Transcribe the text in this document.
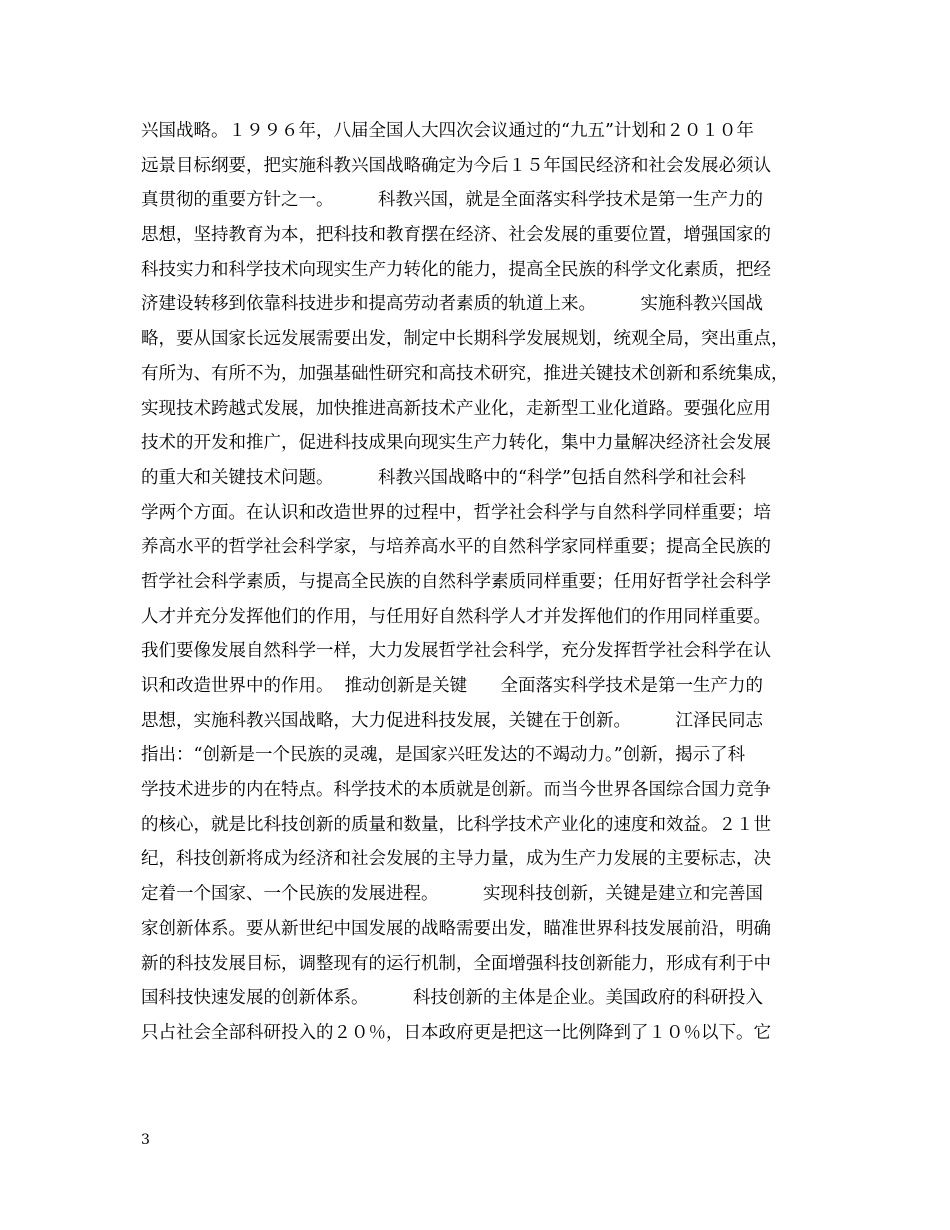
兴国战略。１９９６年，八届全国人大四次会议通过的“九五”计划和２０１０年
远景目标纲要，把实施科教兴国战略确定为今后１５年国民经济和社会发展必须认
真贯彻的重要方针之一。        科教兴国，就是全面落实科学技术是第一生产力的
思想，坚持教育为本，把科技和教育摆在经济、社会发展的重要位置，增强国家的
科技实力和科学技术向现实生产力转化的能力，提高全民族的科学文化素质，把经
济建设转移到依靠科技进步和提高劳动者素质的轨道上来。        实施科教兴国战
略，要从国家长远发展需要出发，制定中长期科学发展规划，统观全局，突出重点，
有所为、有所不为，加强基础性研究和高技术研究，推进关键技术创新和系统集成，
实现技术跨越式发展，加快推进高新技术产业化，走新型工业化道路。要强化应用
技术的开发和推广，促进科技成果向现实生产力转化，集中力量解决经济社会发展
的重大和关键技术问题。        科教兴国战略中的“科学”包括自然科学和社会科
学两个方面。在认识和改造世界的过程中，哲学社会科学与自然科学同样重要；培
养高水平的哲学社会科学家，与培养高水平的自然科学家同样重要；提高全民族的
哲学社会科学素质，与提高全民族的自然科学素质同样重要；任用好哲学社会科学
人才并充分发挥他们的作用，与任用好自然科学人才并发挥他们的作用同样重要。
我们要像发展自然科学一样，大力发展哲学社会科学，充分发挥哲学社会科学在认
识和改造世界中的作用。  推动创新是关键      全面落实科学技术是第一生产力的
思想，实施科教兴国战略，大力促进科技发展，关键在于创新。        江泽民同志
指出：“创新是一个民族的灵魂，是国家兴旺发达的不竭动力。”创新，揭示了科
学技术进步的内在特点。科学技术的本质就是创新。而当今世界各国综合国力竞争
的核心，就是比科技创新的质量和数量，比科学技术产业化的速度和效益。２１世
纪，科技创新将成为经济和社会发展的主导力量，成为生产力发展的主要标志，决
定着一个国家、一个民族的发展进程。        实现科技创新，关键是建立和完善国
家创新体系。要从新世纪中国发展的战略需要出发，瞄准世界科技发展前沿，明确
新的科技发展目标，调整现有的运行机制，全面增强科技创新能力，形成有利于中
国科技快速发展的创新体系。        科技创新的主体是企业。美国政府的科研投入
只占社会全部科研投入的２０％，日本政府更是把这一比例降到了１０％以下。它
3
